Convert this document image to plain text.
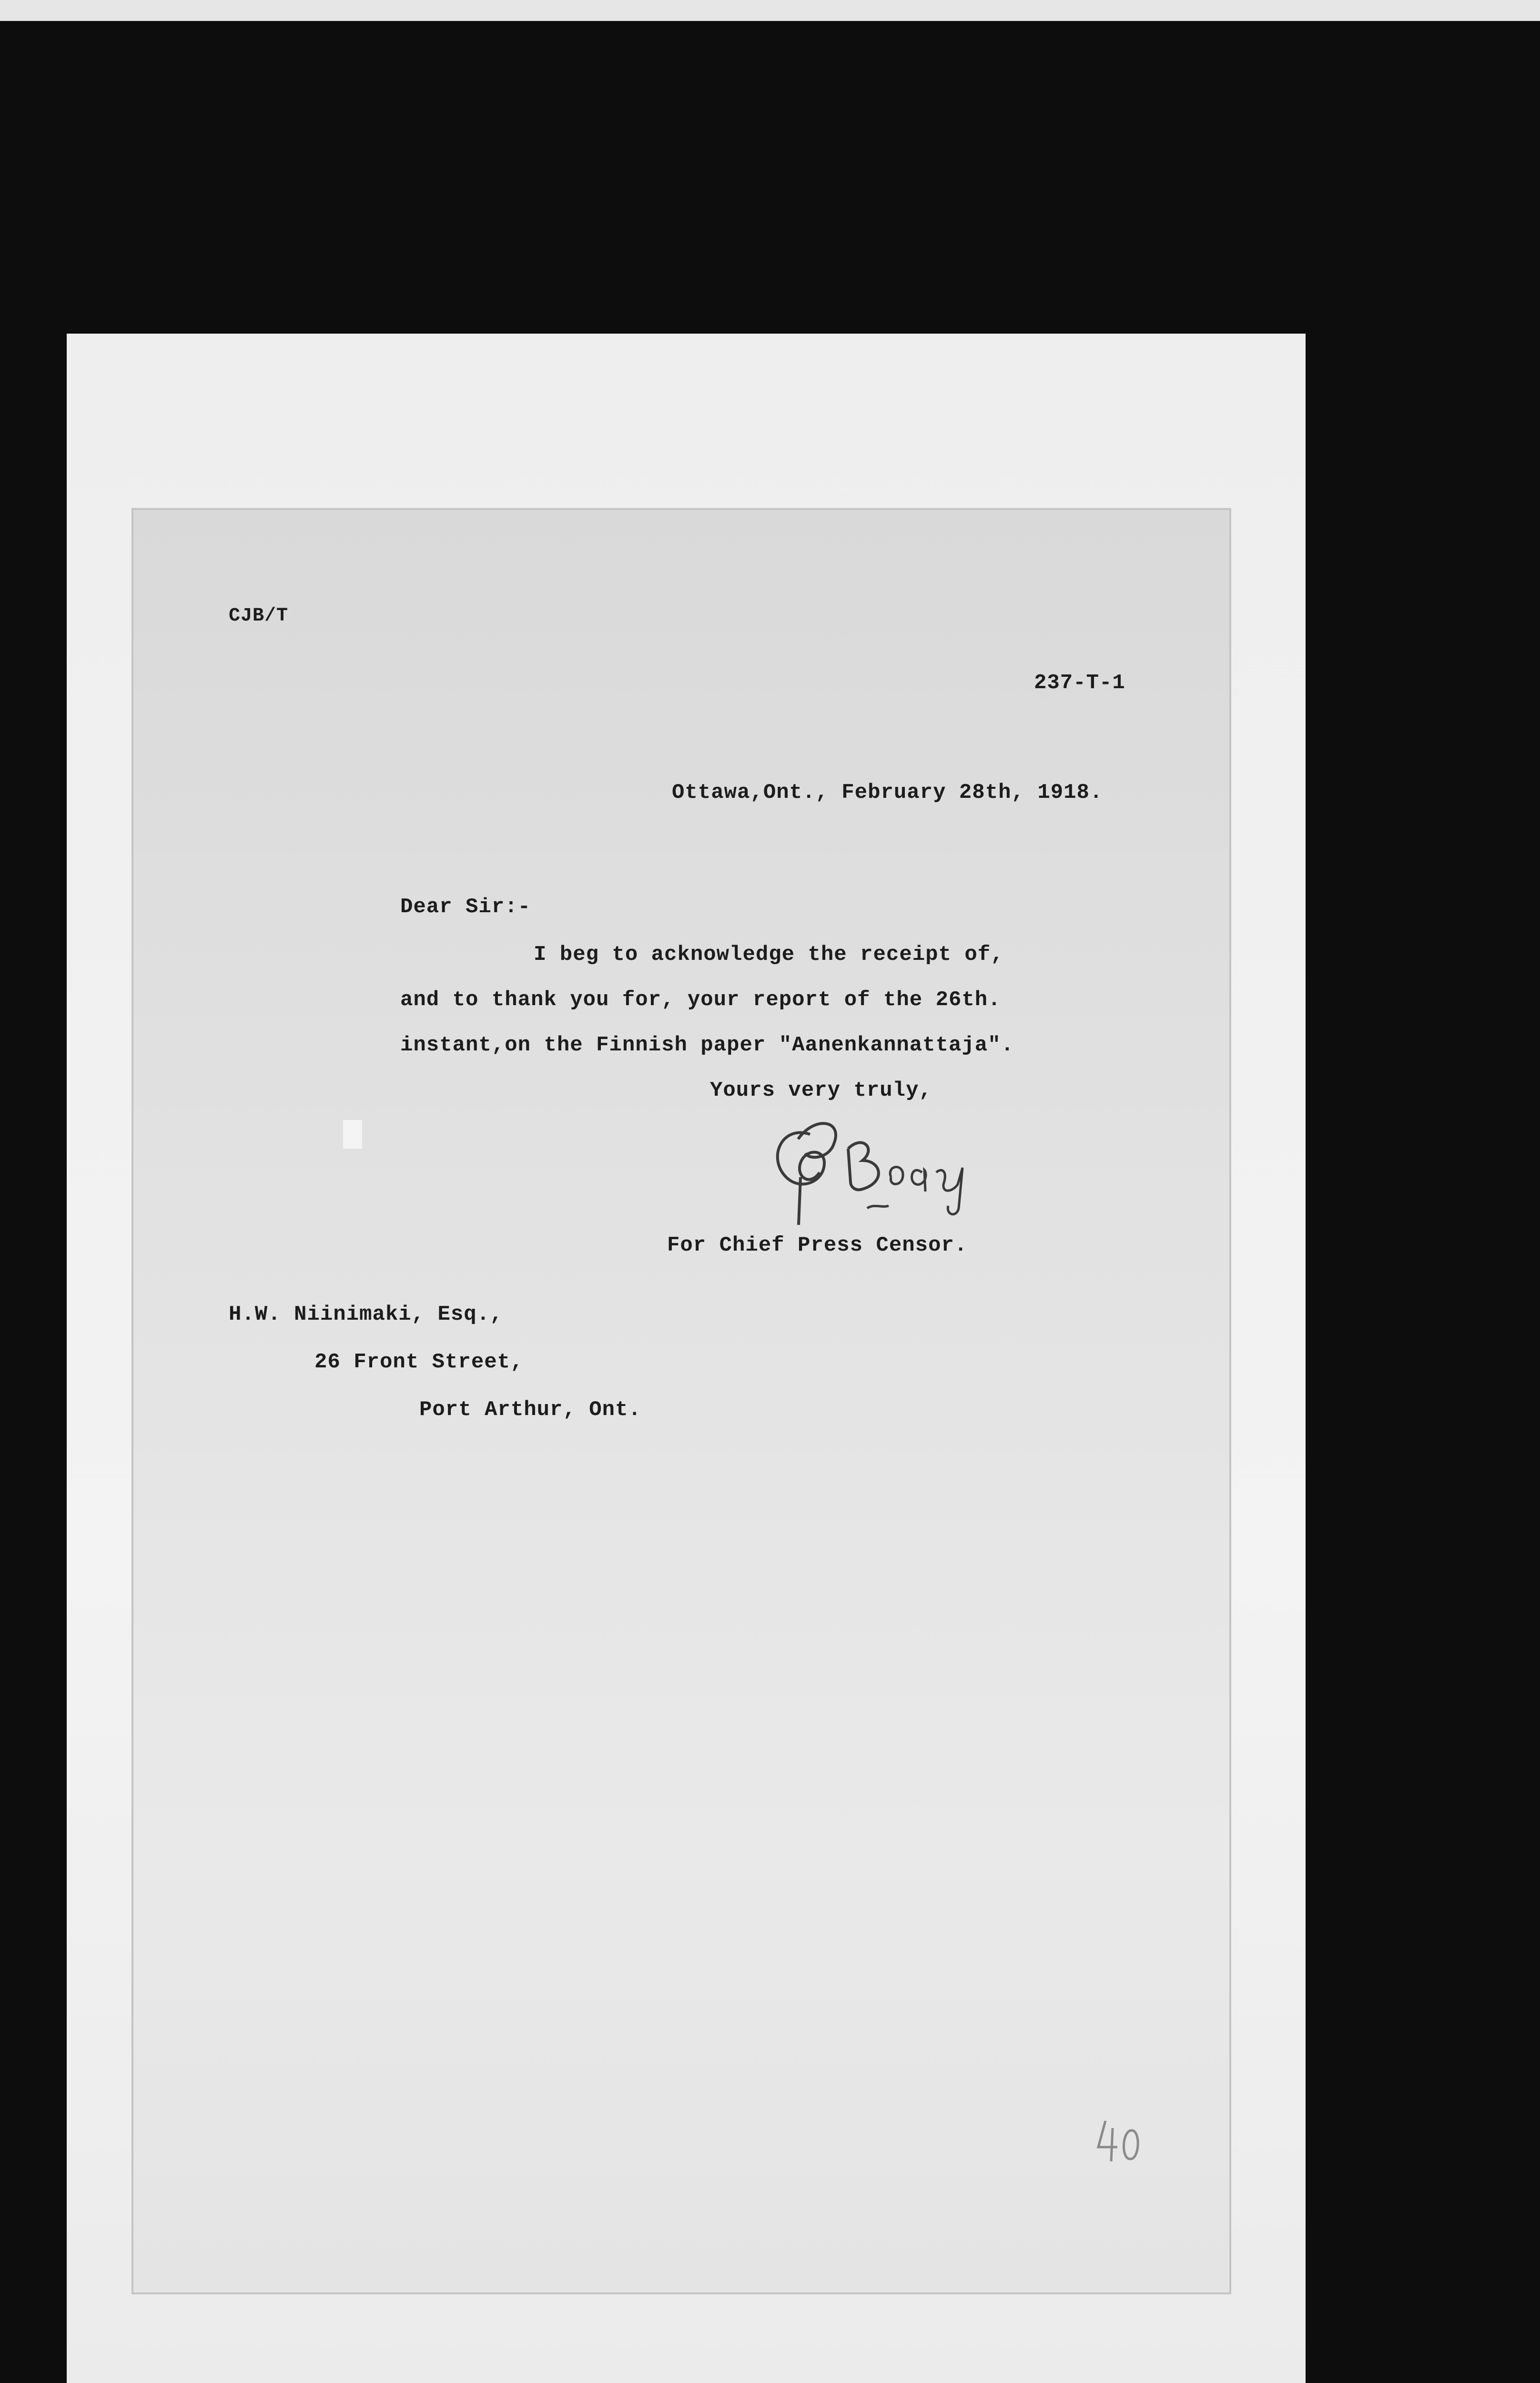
CJB/T
237-T-1
Ottawa,Ont., February 28th, 1918.
Dear Sir:-
I beg to acknowledge the receipt of,
and to thank you for, your report of the 26th.
instant,on the Finnish paper "Aanenkannattaja".
Yours very truly,
For Chief Press Censor.
H.W. Niinimaki, Esq.,
26 Front Street,
Port Arthur, Ont.
